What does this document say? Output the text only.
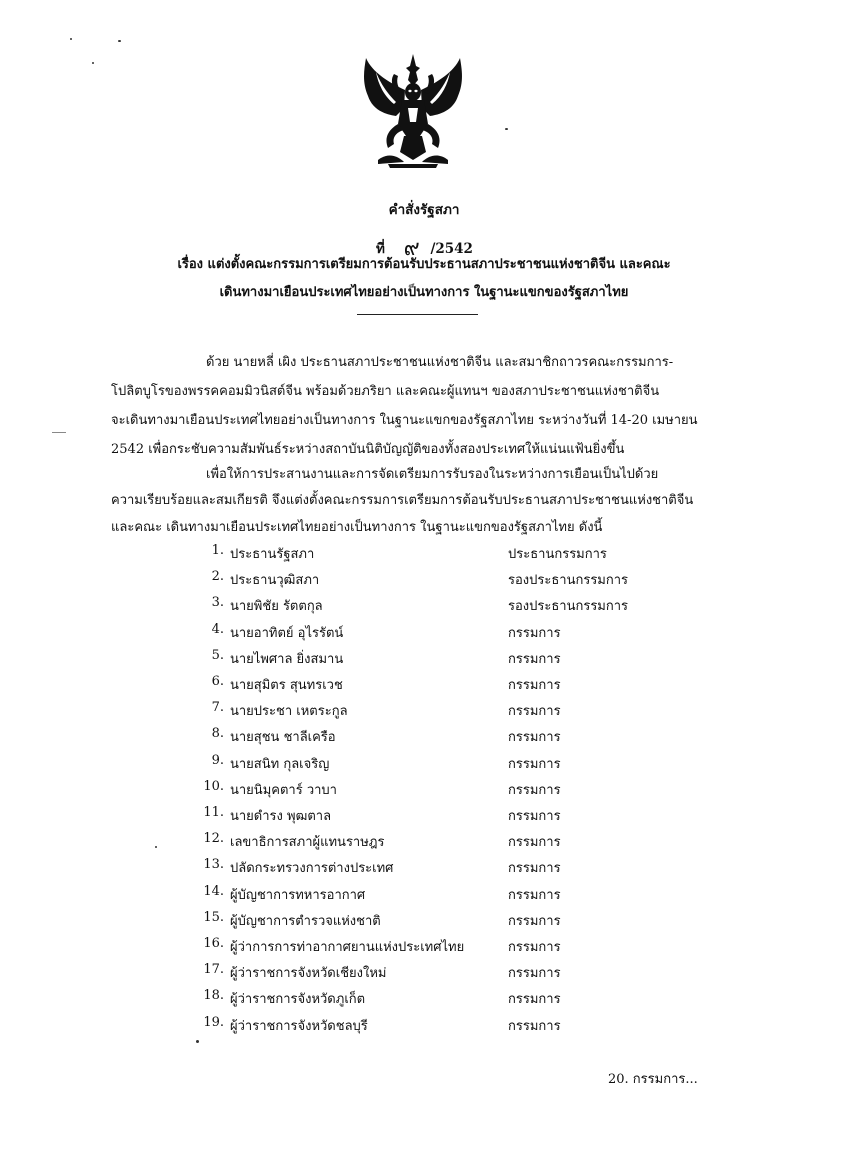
คำสั่งรัฐสภา
ที่ ๙ /2542
เรื่อง แต่งตั้งคณะกรรมการเตรียมการต้อนรับประธานสภาประชาชนแห่งชาติจีน และคณะ
เดินทางมาเยือนประเทศไทยอย่างเป็นทางการ ในฐานะแขกของรัฐสภาไทย
ด้วย นายหลี่ เผิง ประธานสภาประชาชนแห่งชาติจีน และสมาชิกถาวรคณะกรรมการ-
โปลิตบูโรของพรรคคอมมิวนิสต์จีน พร้อมด้วยภริยา และคณะผู้แทนฯ ของสภาประชาชนแห่งชาติจีน
จะเดินทางมาเยือนประเทศไทยอย่างเป็นทางการ ในฐานะแขกของรัฐสภาไทย ระหว่างวันที่ 14-20 เมษายน
2542 เพื่อกระชับความสัมพันธ์ระหว่างสถาบันนิติบัญญัติของทั้งสองประเทศให้แน่นแฟ้นยิ่งขึ้น
เพื่อให้การประสานงานและการจัดเตรียมการรับรองในระหว่างการเยือนเป็นไปด้วย
ความเรียบร้อยและสมเกียรติ จึงแต่งตั้งคณะกรรมการเตรียมการต้อนรับประธานสภาประชาชนแห่งชาติจีน
และคณะ เดินทางมาเยือนประเทศไทยอย่างเป็นทางการ ในฐานะแขกของรัฐสภาไทย ดังนี้
1. ประธานรัฐสภา	ประธานกรรมการ
2. ประธานวุฒิสภา	รองประธานกรรมการ
3. นายพิชัย รัตตกุล	รองประธานกรรมการ
4. นายอาทิตย์ อุไรรัตน์	กรรมการ
5. นายไพศาล ยิ่งสมาน	กรรมการ
6. นายสุมิตร สุนทรเวช	กรรมการ
7. นายประชา เหตระกูล	กรรมการ
8. นายสุชน ชาลีเครือ	กรรมการ
9. นายสนิท กุลเจริญ	กรรมการ
10. นายนิมุคตาร์ วาบา	กรรมการ
11. นายดำรง พุฒตาล	กรรมการ
12. เลขาธิการสภาผู้แทนราษฎร	กรรมการ
13. ปลัดกระทรวงการต่างประเทศ	กรรมการ
14. ผู้บัญชาการทหารอากาศ	กรรมการ
15. ผู้บัญชาการตำรวจแห่งชาติ	กรรมการ
16. ผู้ว่าการการท่าอากาศยานแห่งประเทศไทย	กรรมการ
17. ผู้ว่าราชการจังหวัดเชียงใหม่	กรรมการ
18. ผู้ว่าราชการจังหวัดภูเก็ต	กรรมการ
19. ผู้ว่าราชการจังหวัดชลบุรี	กรรมการ
20. กรรมการ...
